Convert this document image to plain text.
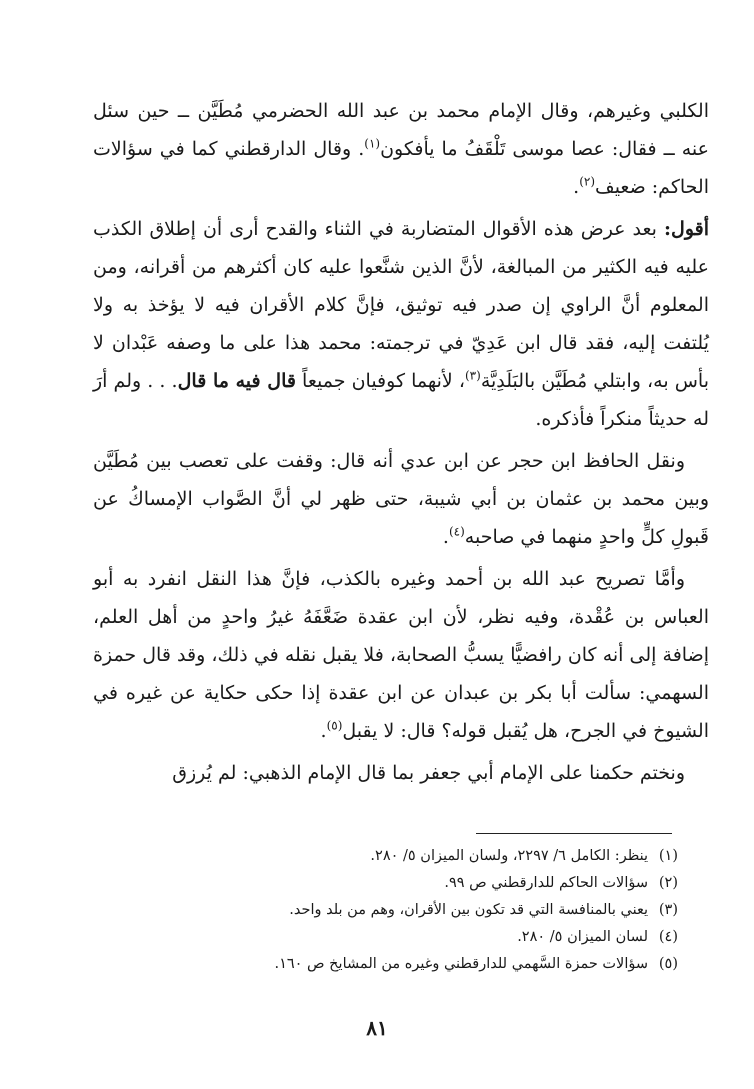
الكلبي وغيرهم، وقال الإمام محمد بن عبد الله الحضرمي مُطَيَّن ــ حين سئل عنه ــ فقال: عصا موسى تَلْقَفُ ما يأفكون$^{(١)}$. وقال الدارقطني كما في سؤالات الحاكم: ضعيف$^{(٢)}$.

أقول: بعد عرض هذه الأقوال المتضاربة في الثناء والقدح أرى أن إطلاق الكذب عليه فيه الكثير من المبالغة، لأنَّ الذين شنَّعوا عليه كان أكثرهم من أقرانه، ومن المعلوم أنَّ الراوي إن صدر فيه توثيق، فإنَّ كلام الأقران فيه لا يؤخذ به ولا يُلتفت إليه، فقد قال ابن عَدِيّ في ترجمته: محمد هذا على ما وصفه عَبْدان لا بأس به، وابتلي مُطَيَّن بالبَلَدِيَّة$^{(٣)}$، لأنهما كوفيان جميعاً قال فيه ما قال. . . ولم أرَ له حديثاً منكراً فأذكره.

ونقل الحافظ ابن حجر عن ابن عدي أنه قال: وقفت على تعصب بين مُطَيَّن وبين محمد بن عثمان بن أبي شيبة، حتى ظهر لي أنَّ الصَّواب الإمساكُ عن قَبولِ كلٍّ واحدٍ منهما في صاحبه$^{(٤)}$.

وأمَّا تصريح عبد الله بن أحمد وغيره بالكذب، فإنَّ هذا النقل انفرد به أبو العباس بن عُقْدة، وفيه نظر، لأن ابن عقدة ضَعَّفَهُ غيرُ واحدٍ من أهل العلم، إضافة إلى أنه كان رافضيًّا يسبُّ الصحابة، فلا يقبل نقله في ذلك، وقد قال حمزة السهمي: سألت أبا بكر بن عبدان عن ابن عقدة إذا حكى حكاية عن غيره في الشيوخ في الجرح، هل يُقبل قوله؟ قال: لا يقبل$^{(٥)}$.

ونختم حكمنا على الإمام أبي جعفر بما قال الإمام الذهبي: لم يُرزق

(١)
ينظر: الكامل ٦/ ٢٢٩٧، ولسان الميزان ٥/ ٢٨٠.
(٢)
سؤالات الحاكم للدارقطني ص ٩٩.
(٣)
يعني بالمنافسة التي قد تكون بين الأقران، وهم من بلد واحد.
(٤)
لسان الميزان ٥/ ٢٨٠.
(٥)
سؤالات حمزة السَّهمي للدارقطني وغيره من المشايخ ص ١٦٠.
٨١
